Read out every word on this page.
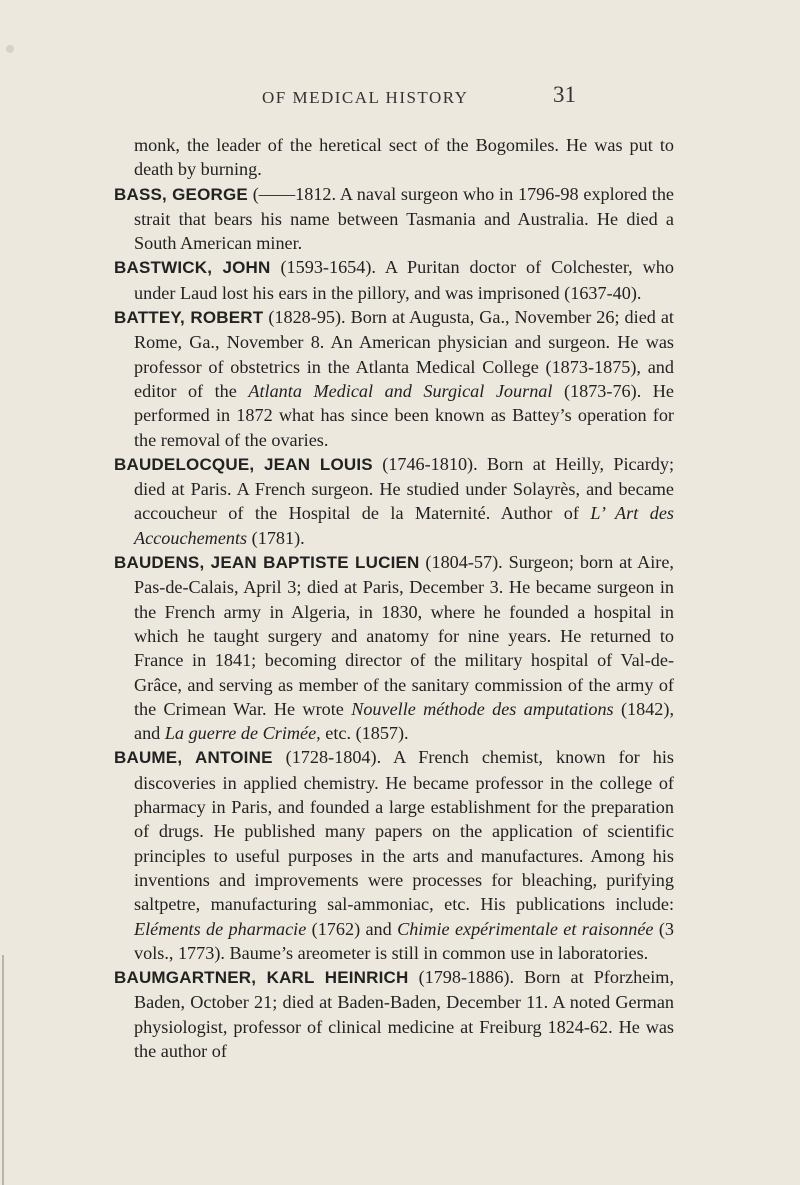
OF MEDICAL HISTORY	31

monk, the leader of the heretical sect of the Bogomiles. He was put to death by burning.

BASS, GEORGE (——1812. A naval surgeon who in 1796-98 explored the strait that bears his name between Tasmania and Australia. He died a South American miner.

BASTWICK, JOHN (1593-1654). A Puritan doctor of Colchester, who under Laud lost his ears in the pillory, and was imprisoned (1637-40).

BATTEY, ROBERT (1828-95). Born at Augusta, Ga., November 26; died at Rome, Ga., November 8. An American physician and surgeon. He was professor of obstetrics in the Atlanta Medical College (1873-1875), and editor of the Atlanta Medical and Surgical Journal (1873-76). He performed in 1872 what has since been known as Battey’s operation for the removal of the ovaries.

BAUDELOCQUE, JEAN LOUIS (1746-1810). Born at Heilly, Picardy; died at Paris. A French surgeon. He studied under Solayrès, and became accoucheur of the Hospital de la Maternité. Author of L’ Art des Accouchements (1781).

BAUDENS, JEAN BAPTISTE LUCIEN (1804-57). Surgeon; born at Aire, Pas-de-Calais, April 3; died at Paris, December 3. He became surgeon in the French army in Algeria, in 1830, where he founded a hospital in which he taught surgery and anatomy for nine years. He returned to France in 1841; becoming director of the military hospital of Val-de-Grâce, and serving as member of the sanitary commission of the army of the Crimean War. He wrote Nouvelle méthode des amputations (1842), and La guerre de Crimée, etc. (1857).

BAUME, ANTOINE (1728-1804). A French chemist, known for his discoveries in applied chemistry. He became professor in the college of pharmacy in Paris, and founded a large establishment for the preparation of drugs. He published many papers on the application of scientific principles to useful purposes in the arts and manufactures. Among his inventions and improvements were processes for bleaching, purifying saltpetre, manufacturing sal-ammoniac, etc. His publications include: Eléments de pharmacie (1762) and Chimie expérimentale et raisonnée (3 vols., 1773). Baume’s areometer is still in common use in laboratories.

BAUMGARTNER, KARL HEINRICH (1798-1886). Born at Pforzheim, Baden, October 21; died at Baden-Baden, December 11. A noted German physiologist, professor of clinical medicine at Freiburg 1824-62. He was the author of
